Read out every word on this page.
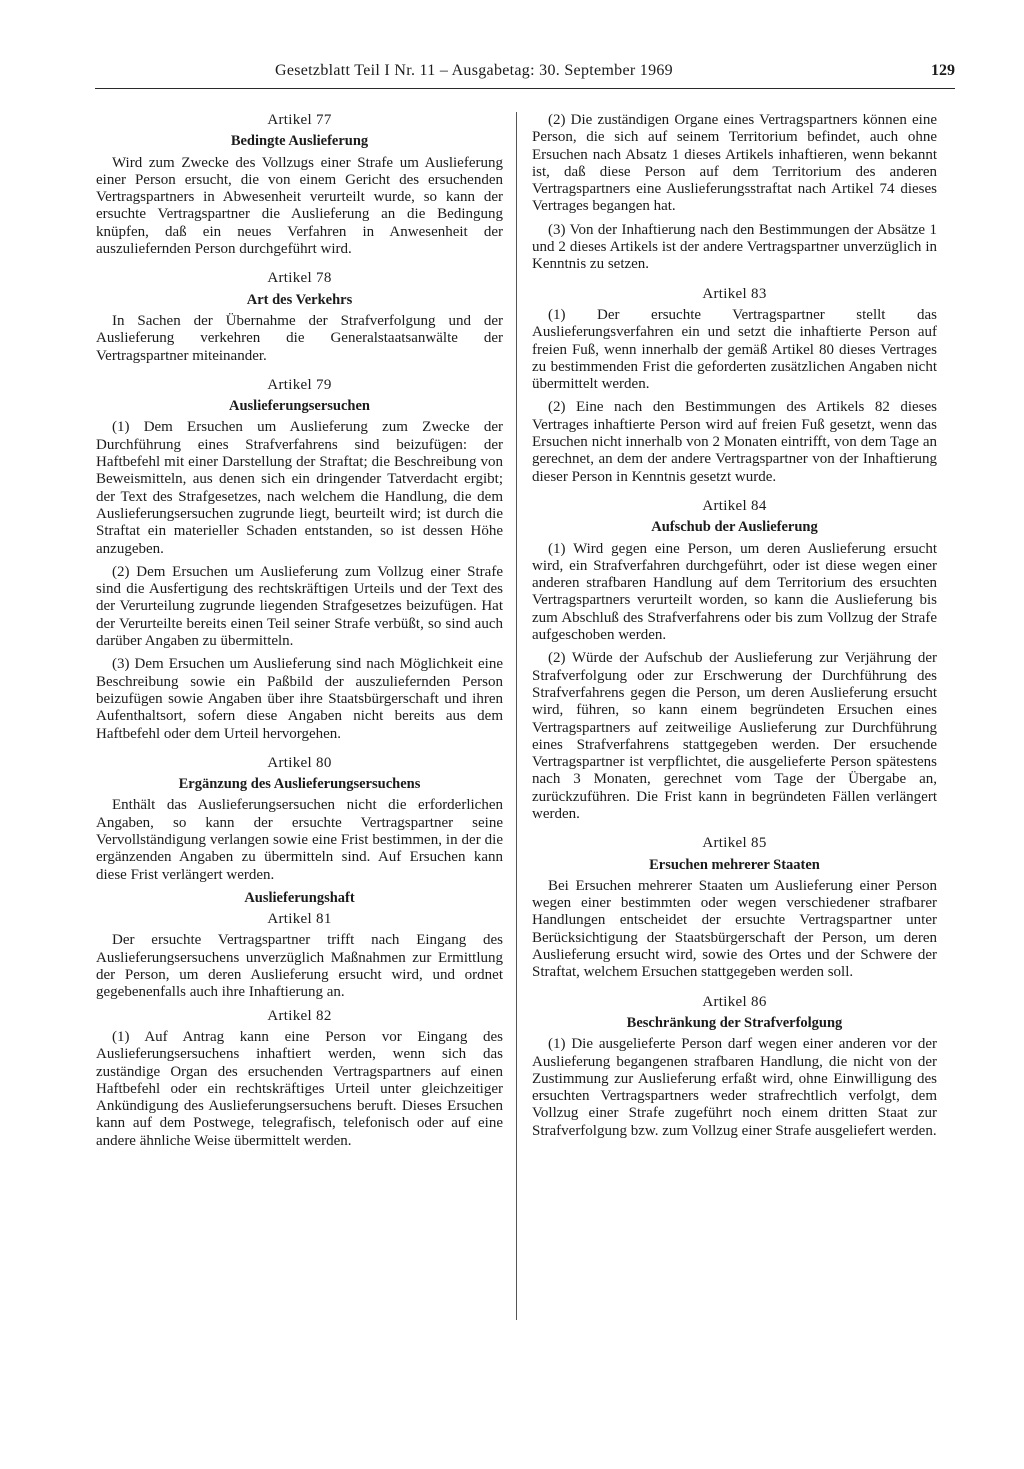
Gesetzblatt Teil I Nr. 11 – Ausgabetag: 30. September 1969	129
Artikel 77
Bedingte Auslieferung

Wird zum Zwecke des Vollzugs einer Strafe um Auslieferung einer Person ersucht, die von einem Gericht des ersuchenden Vertragspartners in Abwesenheit verurteilt wurde, so kann der ersuchte Vertragspartner die Auslieferung an die Bedingung knüpfen, daß ein neues Verfahren in Anwesenheit der auszuliefernden Person durchgeführt wird.

Artikel 78
Art des Verkehrs

In Sachen der Übernahme der Strafverfolgung und der Auslieferung verkehren die Generalstaatsanwälte der Vertragspartner miteinander.

Artikel 79
Auslieferungsersuchen

(1) Dem Ersuchen um Auslieferung zum Zwecke der Durchführung eines Strafverfahrens sind beizufügen: der Haftbefehl mit einer Darstellung der Straftat; die Beschreibung von Beweismitteln, aus denen sich ein dringender Tatverdacht ergibt; der Text des Strafgesetzes, nach welchem die Handlung, die dem Auslieferungsersuchen zugrunde liegt, beurteilt wird; ist durch die Straftat ein materieller Schaden entstanden, so ist dessen Höhe anzugeben.

(2) Dem Ersuchen um Auslieferung zum Vollzug einer Strafe sind die Ausfertigung des rechtskräftigen Urteils und der Text des der Verurteilung zugrunde liegenden Strafgesetzes beizufügen. Hat der Verurteilte bereits einen Teil seiner Strafe verbüßt, so sind auch darüber Angaben zu übermitteln.

(3) Dem Ersuchen um Auslieferung sind nach Möglichkeit eine Beschreibung sowie ein Paßbild der auszuliefernden Person beizufügen sowie Angaben über ihre Staatsbürgerschaft und ihren Aufenthaltsort, sofern diese Angaben nicht bereits aus dem Haftbefehl oder dem Urteil hervorgehen.

Artikel 80
Ergänzung des Auslieferungsersuchens

Enthält das Auslieferungsersuchen nicht die erforderlichen Angaben, so kann der ersuchte Vertragspartner seine Vervollständigung verlangen sowie eine Frist bestimmen, in der die ergänzenden Angaben zu übermitteln sind. Auf Ersuchen kann diese Frist verlängert werden.

Auslieferungshaft
Artikel 81

Der ersuchte Vertragspartner trifft nach Eingang des Auslieferungsersuchens unverzüglich Maßnahmen zur Ermittlung der Person, um deren Auslieferung ersucht wird, und ordnet gegebenenfalls auch ihre Inhaftierung an.

Artikel 82

(1) Auf Antrag kann eine Person vor Eingang des Auslieferungsersuchens inhaftiert werden, wenn sich das zuständige Organ des ersuchenden Vertragspartners auf einen Haftbefehl oder ein rechtskräftiges Urteil unter gleichzeitiger Ankündigung des Auslieferungsersuchens beruft. Dieses Ersuchen kann auf dem Postwege, telegrafisch, telefonisch oder auf eine andere ähnliche Weise übermittelt werden.

(2) Die zuständigen Organe eines Vertragspartners können eine Person, die sich auf seinem Territorium befindet, auch ohne Ersuchen nach Absatz 1 dieses Artikels inhaftieren, wenn bekannt ist, daß diese Person auf dem Territorium des anderen Vertragspartners eine Auslieferungsstraftat nach Artikel 74 dieses Vertrages begangen hat.

(3) Von der Inhaftierung nach den Bestimmungen der Absätze 1 und 2 dieses Artikels ist der andere Vertragspartner unverzüglich in Kenntnis zu setzen.

Artikel 83

(1) Der ersuchte Vertragspartner stellt das Auslieferungsverfahren ein und setzt die inhaftierte Person auf freien Fuß, wenn innerhalb der gemäß Artikel 80 dieses Vertrages zu bestimmenden Frist die geforderten zusätzlichen Angaben nicht übermittelt werden.

(2) Eine nach den Bestimmungen des Artikels 82 dieses Vertrages inhaftierte Person wird auf freien Fuß gesetzt, wenn das Ersuchen nicht innerhalb von 2 Monaten eintrifft, von dem Tage an gerechnet, an dem der andere Vertragspartner von der Inhaftierung dieser Person in Kenntnis gesetzt wurde.

Artikel 84
Aufschub der Auslieferung

(1) Wird gegen eine Person, um deren Auslieferung ersucht wird, ein Strafverfahren durchgeführt, oder ist diese wegen einer anderen strafbaren Handlung auf dem Territorium des ersuchten Vertragspartners verurteilt worden, so kann die Auslieferung bis zum Abschluß des Strafverfahrens oder bis zum Vollzug der Strafe aufgeschoben werden.

(2) Würde der Aufschub der Auslieferung zur Verjährung der Strafverfolgung oder zur Erschwerung der Durchführung des Strafverfahrens gegen die Person, um deren Auslieferung ersucht wird, führen, so kann einem begründeten Ersuchen eines Vertragspartners auf zeitweilige Auslieferung zur Durchführung eines Strafverfahrens stattgegeben werden. Der ersuchende Vertragspartner ist verpflichtet, die ausgelieferte Person spätestens nach 3 Monaten, gerechnet vom Tage der Übergabe an, zurückzuführen. Die Frist kann in begründeten Fällen verlängert werden.

Artikel 85
Ersuchen mehrerer Staaten

Bei Ersuchen mehrerer Staaten um Auslieferung einer Person wegen einer bestimmten oder wegen verschiedener strafbarer Handlungen entscheidet der ersuchte Vertragspartner unter Berücksichtigung der Staatsbürgerschaft der Person, um deren Auslieferung ersucht wird, sowie des Ortes und der Schwere der Straftat, welchem Ersuchen stattgegeben werden soll.

Artikel 86
Beschränkung der Strafverfolgung

(1) Die ausgelieferte Person darf wegen einer anderen vor der Auslieferung begangenen strafbaren Handlung, die nicht von der Zustimmung zur Auslieferung erfaßt wird, ohne Einwilligung des ersuchten Vertragspartners weder strafrechtlich verfolgt, dem Vollzug einer Strafe zugeführt noch einem dritten Staat zur Strafverfolgung bzw. zum Vollzug einer Strafe ausgeliefert werden.
